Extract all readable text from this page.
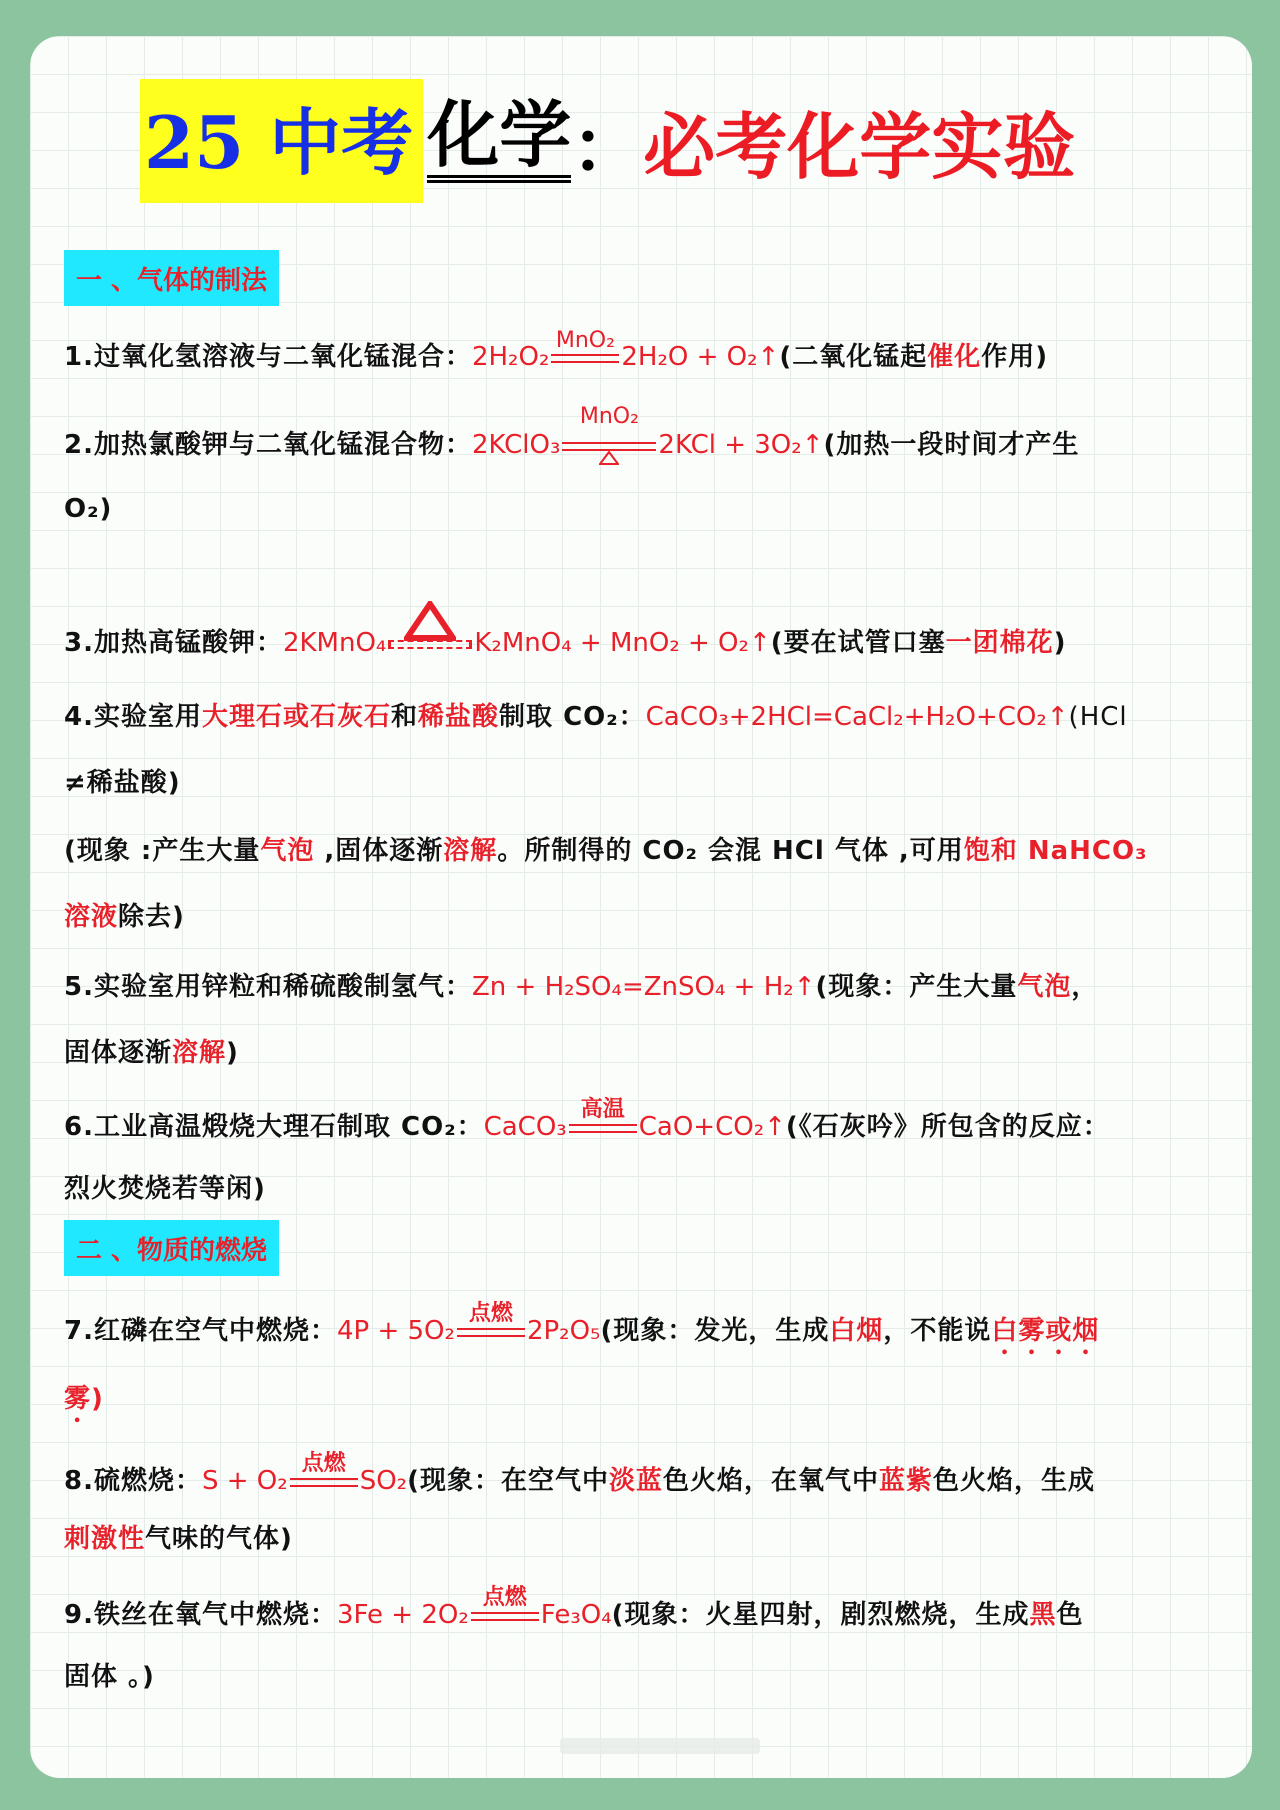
25 中考 化学 ： 必考化学实验
一 、气体的制法
1.过氧化氢溶液与二氧化锰混合：2H₂O₂
MnO₂
2H₂O + O₂↑(二氧化锰起催化作用)
2.加热氯酸钾与二氧化锰混合物：2KClO₃
MnO₂
2KCl + 3O₂↑(加热一段时间才产生
O₂)
3.加热高锰酸钾：2KMnO₄	K₂MnO₄ + MnO₂ + O₂↑(要在试管口塞一团棉花)
4.实验室用大理石或石灰石和稀盐酸制取 CO₂：CaCO₃+2HCl=CaCl₂+H₂O+CO₂↑(HCl
≠稀盐酸)
(现象 :产生大量气泡 ,固体逐渐溶解。所制得的 CO₂ 会混 HCl 气体 ,可用饱和 NaHCO₃
溶液除去)
5.实验室用锌粒和稀硫酸制氢气：Zn + H₂SO₄=ZnSO₄ + H₂↑(现象：产生大量气泡，
固体逐渐溶解)
6.工业高温煅烧大理石制取 CO₂：CaCO₃
高温
CaO+CO₂↑(《石灰吟》所包含的反应：
烈火焚烧若等闲)
二 、物质的燃烧
7.红磷在空气中燃烧：4P + 5O₂
点燃
2P₂O₅(现象：发光，生成白烟，不能说白雾或烟
雾)
8.硫燃烧：S + O₂
点燃
SO₂(现象：在空气中淡蓝色火焰，在氧气中蓝紫色火焰，生成
刺激性气味的气体)
9.铁丝在氧气中燃烧：3Fe + 2O₂
点燃
Fe₃O₄(现象：火星四射，剧烈燃烧，生成黑色
固体 。)
